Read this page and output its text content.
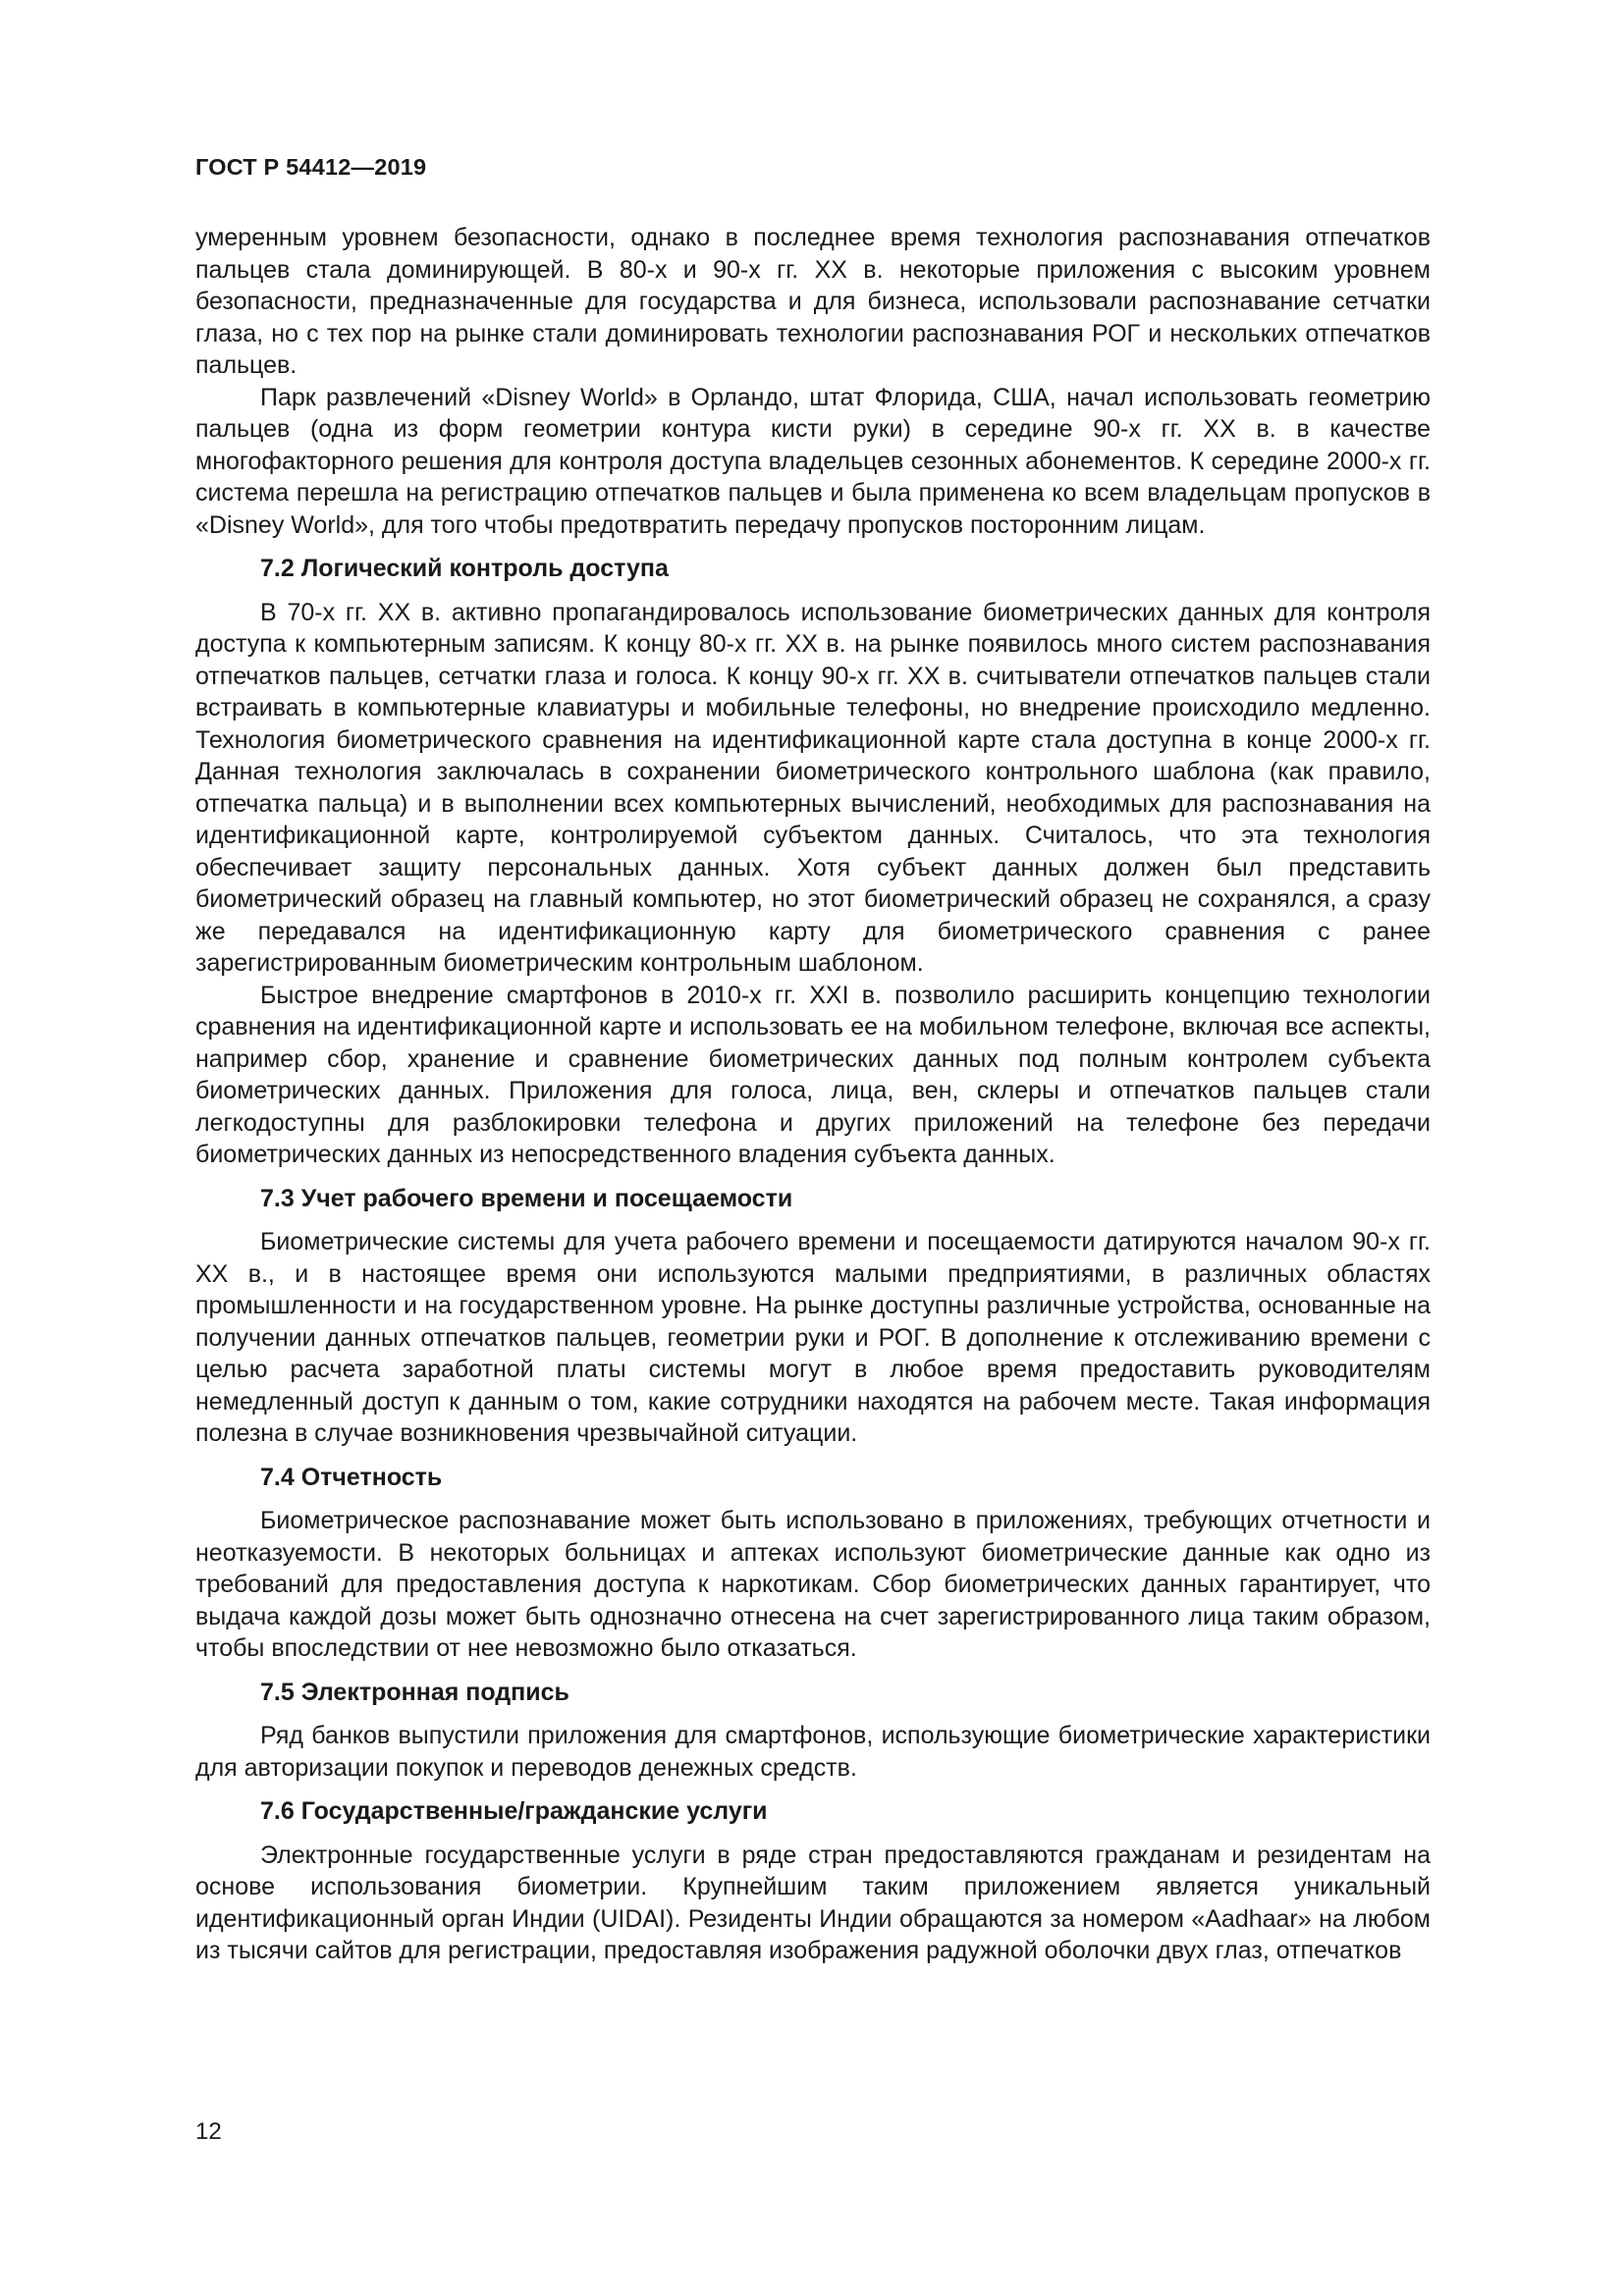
ГОСТ Р 54412—2019

умеренным уровнем безопасности, однако в последнее время технология распознавания отпечатков пальцев стала доминирующей. В 80-х и 90-х гг. XX в. некоторые приложения с высоким уровнем безопасности, предназначенные для государства и для бизнеса, использовали распознавание сетчатки глаза, но с тех пор на рынке стали доминировать технологии распознавания РОГ и нескольких отпечатков пальцев.

Парк развлечений «Disney World» в Орландо, штат Флорида, США, начал использовать геометрию пальцев (одна из форм геометрии контура кисти руки) в середине 90-х гг. XX в. в качестве многофакторного решения для контроля доступа владельцев сезонных абонементов. К середине 2000-х гг. система перешла на регистрацию отпечатков пальцев и была применена ко всем владельцам пропусков в «Disney World», для того чтобы предотвратить передачу пропусков посторонним лицам.

7.2 Логический контроль доступа

В 70-х гг. XX в. активно пропагандировалось использование биометрических данных для контроля доступа к компьютерным записям. К концу 80-х гг. XX в. на рынке появилось много систем распознавания отпечатков пальцев, сетчатки глаза и голоса. К концу 90-х гг. XX в. считыватели отпечатков пальцев стали встраивать в компьютерные клавиатуры и мобильные телефоны, но внедрение происходило медленно. Технология биометрического сравнения на идентификационной карте стала доступна в конце 2000-х гг. Данная технология заключалась в сохранении биометрического контрольного шаблона (как правило, отпечатка пальца) и в выполнении всех компьютерных вычислений, необходимых для распознавания на идентификационной карте, контролируемой субъектом данных. Считалось, что эта технология обеспечивает защиту персональных данных. Хотя субъект данных должен был представить биометрический образец на главный компьютер, но этот биометрический образец не сохранялся, а сразу же передавался на идентификационную карту для биометрического сравнения с ранее зарегистрированным биометрическим контрольным шаблоном.

Быстрое внедрение смартфонов в 2010-х гг. XXI в. позволило расширить концепцию технологии сравнения на идентификационной карте и использовать ее на мобильном телефоне, включая все аспекты, например сбор, хранение и сравнение биометрических данных под полным контролем субъекта биометрических данных. Приложения для голоса, лица, вен, склеры и отпечатков пальцев стали легкодоступны для разблокировки телефона и других приложений на телефоне без передачи биометрических данных из непосредственного владения субъекта данных.

7.3 Учет рабочего времени и посещаемости

Биометрические системы для учета рабочего времени и посещаемости датируются началом 90-х гг. XX в., и в настоящее время они используются малыми предприятиями, в различных областях промышленности и на государственном уровне. На рынке доступны различные устройства, основанные на получении данных отпечатков пальцев, геометрии руки и РОГ. В дополнение к отслеживанию времени с целью расчета заработной платы системы могут в любое время предоставить руководителям немедленный доступ к данным о том, какие сотрудники находятся на рабочем месте. Такая информация полезна в случае возникновения чрезвычайной ситуации.

7.4 Отчетность

Биометрическое распознавание может быть использовано в приложениях, требующих отчетности и неотказуемости. В некоторых больницах и аптеках используют биометрические данные как одно из требований для предоставления доступа к наркотикам. Сбор биометрических данных гарантирует, что выдача каждой дозы может быть однозначно отнесена на счет зарегистрированного лица таким образом, чтобы впоследствии от нее невозможно было отказаться.

7.5 Электронная подпись

Ряд банков выпустили приложения для смартфонов, использующие биометрические характеристики для авторизации покупок и переводов денежных средств.

7.6 Государственные/гражданские услуги

Электронные государственные услуги в ряде стран предоставляются гражданам и резидентам на основе использования биометрии. Крупнейшим таким приложением является уникальный идентификационный орган Индии (UIDAI). Резиденты Индии обращаются за номером «Aadhaar» на любом из тысячи сайтов для регистрации, предоставляя изображения радужной оболочки двух глаз, отпечатков

12
